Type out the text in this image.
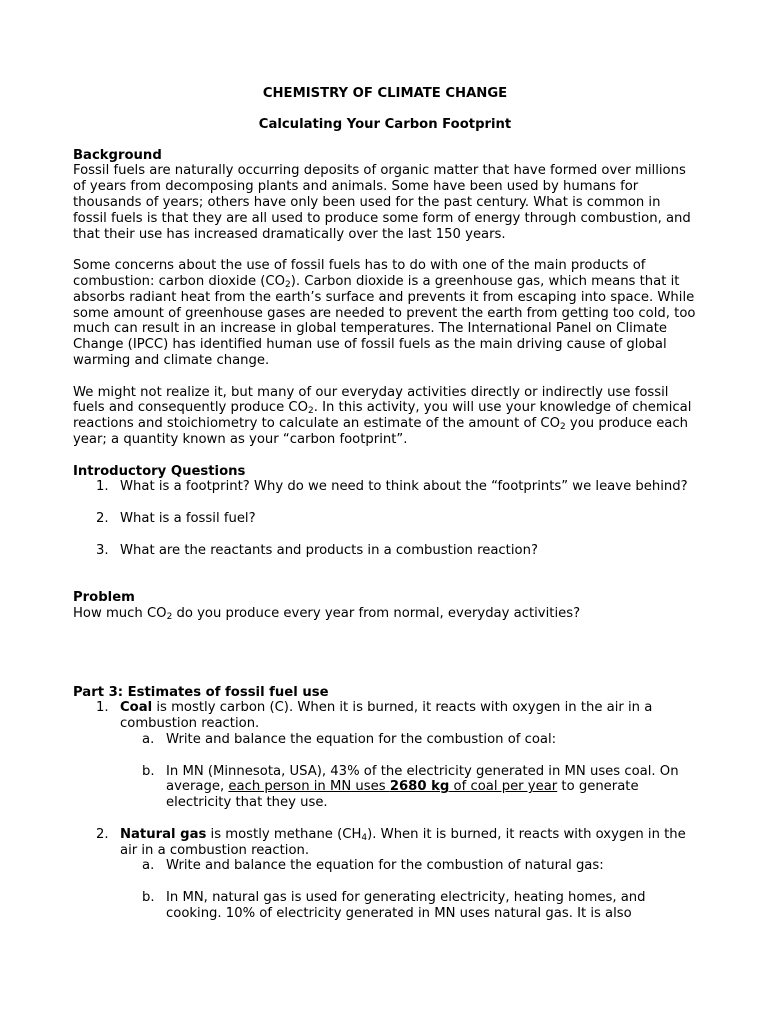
CHEMISTRY OF CLIMATE CHANGE
Calculating Your Carbon Footprint
Background

Fossil fuels are naturally occurring deposits of organic matter that have formed over millions of years from decomposing plants and animals. Some have been used by humans for thousands of years; others have only been used for the past century. What is common in fossil fuels is that they are all used to produce some form of energy through combustion, and that their use has increased dramatically over the last 150 years.

Some concerns about the use of fossil fuels has to do with one of the main products of combustion: carbon dioxide $(CO_2)$. Carbon dioxide is a greenhouse gas, which means that it absorbs radiant heat from the earth’s surface and prevents it from escaping into space. While some amount of greenhouse gases are needed to prevent the earth from getting too cold, too much can result in an increase in global temperatures. The International Panel on Climate Change (IPCC) has identified human use of fossil fuels as the main driving cause of global warming and climate change.

We might not realize it, but many of our everyday activities directly or indirectly use fossil fuels and consequently produce $CO_2$. In this activity, you will use your knowledge of chemical reactions and stoichiometry to calculate an estimate of the amount of $CO_2$ you produce each year; a quantity known as your “carbon footprint”.

Introductory Questions
1. What is a footprint? Why do we need to think about the “footprints” we leave behind?
2. What is a fossil fuel?
3. What are the reactants and products in a combustion reaction?
Problem

How much $CO_2$ do you produce every year from normal, everyday activities?

Part 3: Estimates of fossil fuel use
1. Coal is mostly carbon (C). When it is burned, it reacts with oxygen in the air in a combustion reaction.
a. Write and balance the equation for the combustion of coal:
b. In MN (Minnesota, USA), 43% of the electricity generated in MN uses coal. On average, each person in MN uses 2680 kg of coal per year to generate electricity that they use.
2. Natural gas is mostly methane $(CH_4)$. When it is burned, it reacts with oxygen in the air in a combustion reaction.
a. Write and balance the equation for the combustion of natural gas:
b. In MN, natural gas is used for generating electricity, heating homes, and cooking. 10% of electricity generated in MN uses natural gas. It is also
